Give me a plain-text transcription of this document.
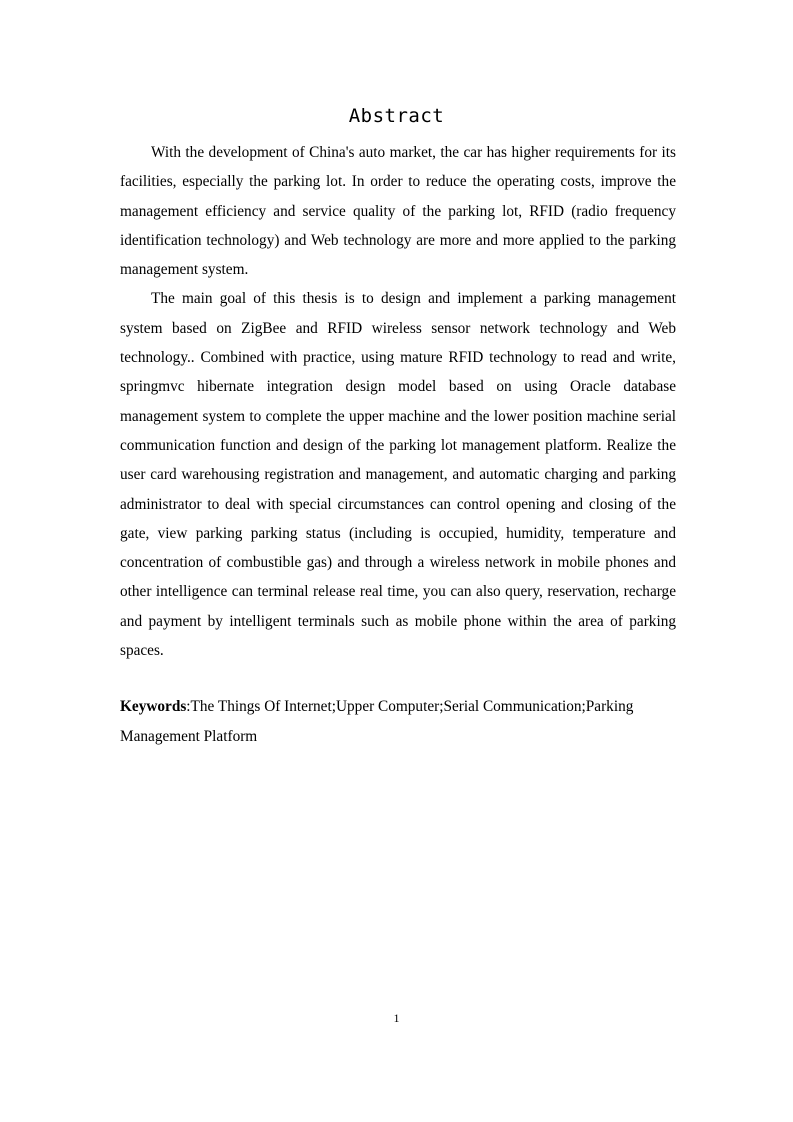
Abstract

With the development of China's auto market, the car has higher requirements for its facilities, especially the parking lot. In order to reduce the operating costs, improve the management efficiency and service quality of the parking lot, RFID (radio frequency identification technology) and Web technology are more and more applied to the parking management system.

The main goal of this thesis is to design and implement a parking management system based on ZigBee and RFID wireless sensor network technology and Web technology.. Combined with practice, using mature RFID technology to read and write, springmvc hibernate integration design model based on using Oracle database management system to complete the upper machine and the lower position machine serial communication function and design of the parking lot management platform. Realize the user card warehousing registration and management, and automatic charging and parking administrator to deal with special circumstances can control opening and closing of the gate, view parking parking status (including is occupied, humidity, temperature and concentration of combustible gas) and through a wireless network in mobile phones and other intelligence can terminal release real time, you can also query, reservation, recharge and payment by intelligent terminals such as mobile phone within the area of parking spaces.

Keywords:The Things Of Internet;Upper Computer;Serial Communication;Parking Management Platform

1
